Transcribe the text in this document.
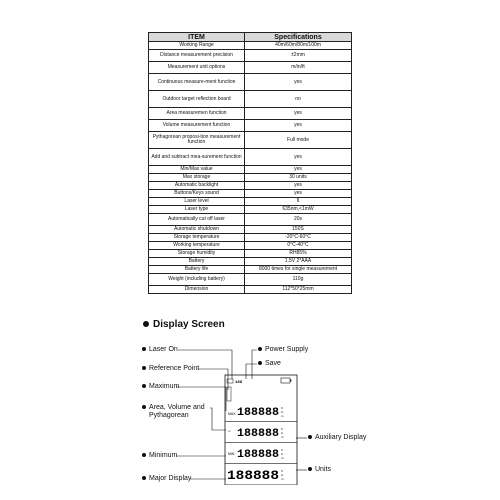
ITEM	Specifications
Working Range	40m/60m/80m/100m
Distance measurement precision	±2mm
Measurement unit options	m/in/ft
Continuous measure-ment function	yes
Outdoor target reflection board	no
Area measuremen function	yes
Volume measurement function	yes
Pythagorean proposi-tion measurement function	Full mode
Add and subtract mea-surement function	yes
Min/Max value	yes
Max storage	30 units
Automatic backlight	yes
Buttons/Keys sound	yes
Laser level	II
Laser type	635nm,<1mW
Automatically cut off laser	20s
Automatic shutdown	150S
Storage temperature	-20°C-60°C
Working temperature	0°C-40°C
Storage humidity	RH85%
Battery	1.5V 2*AAA
Battery life	8000 times for single measurement
Weight (including battery)	110g
Dimension	112*50*25mm
Display Screen
Laser On
Reference Point
Maximum
Area, Volume and
Pythagorean
Minimum
Major Display
Power Supply
Save
Auxiliary Display
Units
188
MAX 188888 ft
in
m
▱ 188888 ft
in
m
MIN 188888 ft
in
m
188888 ft
in
m
